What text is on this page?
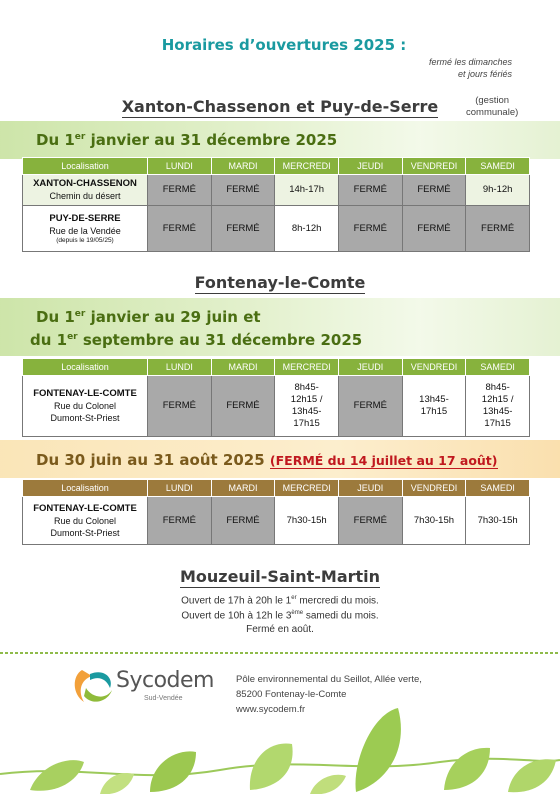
Horaires d’ouvertures 2025 :
fermé les dimanches
et jours fériés
Xanton-Chassenon et Puy-de-Serre	(gestion
communale)
Du 1er janvier au 31 décembre 2025
Localisation	LUNDI	MARDI	MERCREDI	JEUDI	VENDREDI	SAMEDI

XANTON-CHASSENON
Chemin du désert	FERMÉ	FERMÉ	14h-17h	FERMÉ	FERMÉ	9h-12h

PUY-DE-SERRE
Rue de la Vendée
(depuis le 19/05/25)	FERMÉ	FERMÉ	8h-12h	FERMÉ	FERMÉ	FERMÉ
Fontenay-le-Comte
Du 1er janvier au 29 juin et
du 1er septembre au 31 décembre 2025
Localisation	LUNDI	MARDI	MERCREDI	JEUDI	VENDREDI	SAMEDI

FONTENAY-LE-COMTE
Rue du Colonel
Dumont-St-Priest	FERMÉ	FERMÉ	8h45-
12h15 /
13h45-
17h15	FERMÉ	13h45-
17h15	8h45-
12h15 /
13h45-
17h15
Du 30 juin au 31 août 2025 (FERMÉ du 14 juillet au 17 août)
Localisation	LUNDI	MARDI	MERCREDI	JEUDI	VENDREDI	SAMEDI

FONTENAY-LE-COMTE
Rue du Colonel
Dumont-St-Priest	FERMÉ	FERMÉ	7h30-15h	FERMÉ	7h30-15h	7h30-15h
Mouzeuil-Saint-Martin
Ouvert de 17h à 20h le 1er mercredi du mois.
Ouvert de 10h à 12h le 3ème samedi du mois.
Fermé en août.
Sycodem
Sud-Vendée
Pôle environnemental du Seillot, Allée verte,
85200 Fontenay-le-Comte
www.sycodem.fr
